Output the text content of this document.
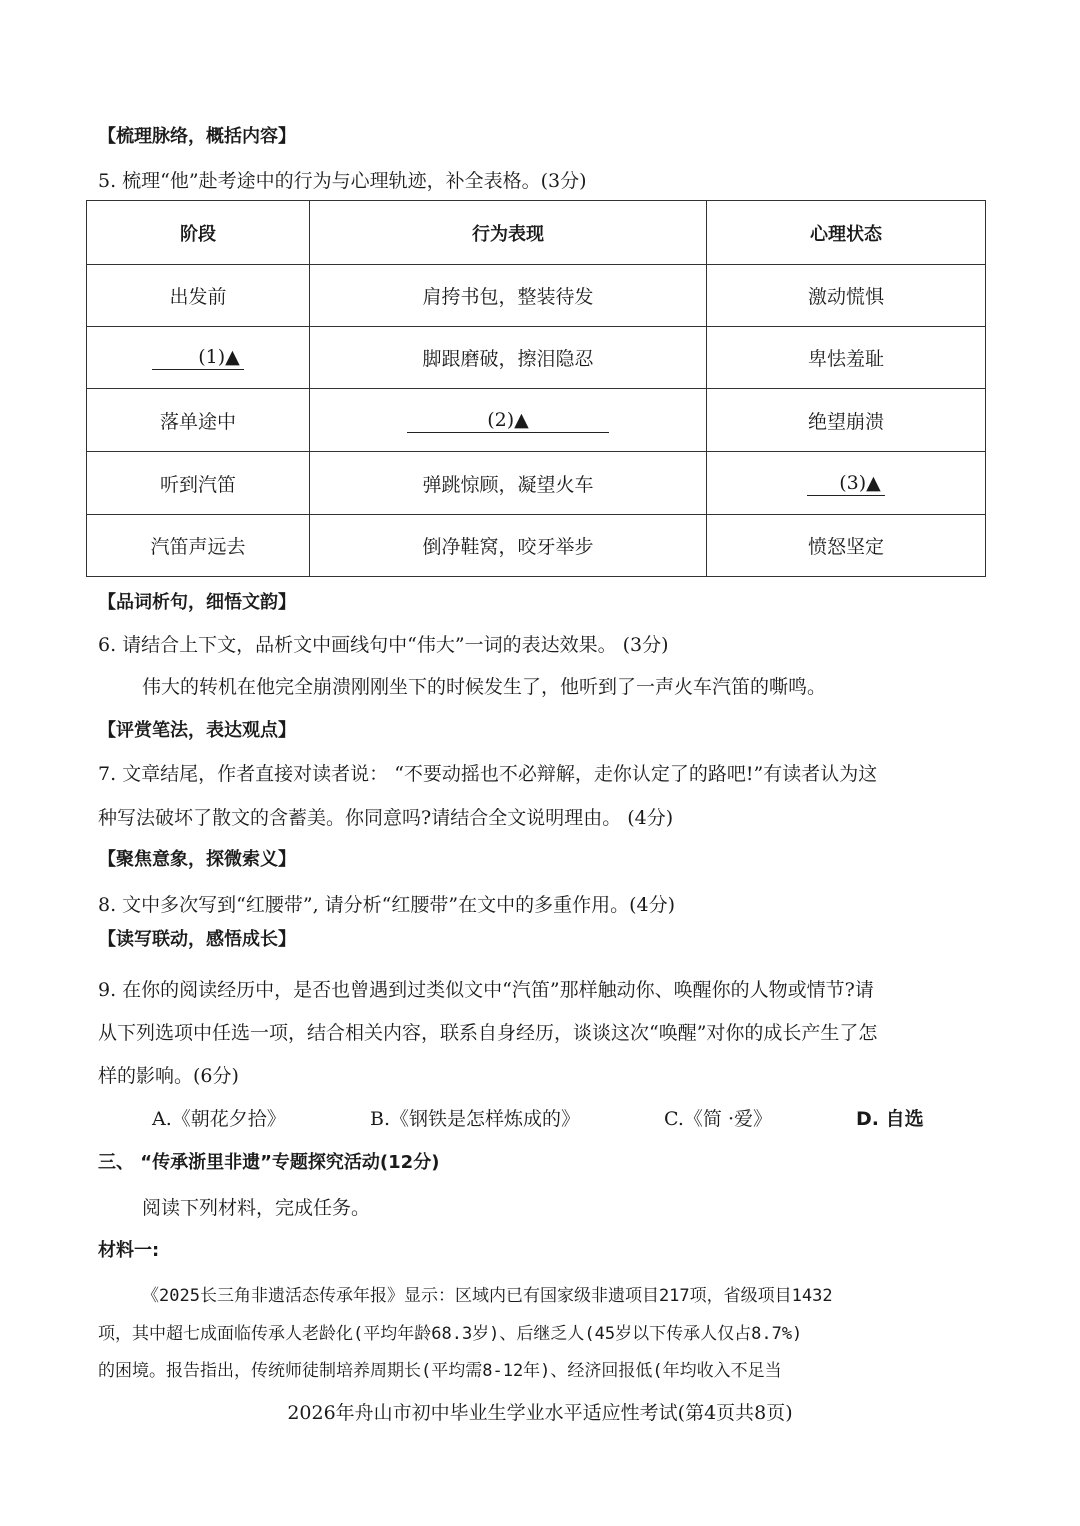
【梳理脉络，概括内容】
5. 梳理“他”赴考途中的行为与心理轨迹，补全表格。(3分)
阶段	行为表现	心理状态
出发前	肩挎书包，整装待发	激动慌惧
(1)▲	脚跟磨破，擦泪隐忍	卑怯羞耻
落单途中	(2)▲	绝望崩溃
听到汽笛	弹跳惊顾，凝望火车	(3)▲
汽笛声远去	倒净鞋窝，咬牙举步	愤怒坚定
【品词析句，细悟文韵】
6. 请结合上下文，品析文中画线句中“伟大”一词的表达效果。 (3分)
伟大的转机在他完全崩溃刚刚坐下的时候发生了，他听到了一声火车汽笛的嘶鸣。
【评赏笔法，表达观点】
7. 文章结尾，作者直接对读者说： “不要动摇也不必辩解，走你认定了的路吧!”有读者认为这
种写法破坏了散文的含蓄美。你同意吗?请结合全文说明理由。 (4分)
【聚焦意象，探微索义】
8. 文中多次写到“红腰带”, 请分析“红腰带”在文中的多重作用。(4分)
【读写联动，感悟成长】
9. 在你的阅读经历中，是否也曾遇到过类似文中“汽笛”那样触动你、唤醒你的人物或情节?请
从下列选项中任选一项，结合相关内容，联系自身经历，谈谈这次“唤醒”对你的成长产生了怎
样的影响。(6分)
A.《朝花夕拾》	B.《钢铁是怎样炼成的》	C.《简 ·爱》	D. 自选
三、 “传承浙里非遗”专题探究活动(12分)
阅读下列材料，完成任务。
材料一:
《2025长三角非遗活态传承年报》显示：区域内已有国家级非遗项目217项，省级项目1432
项，其中超七成面临传承人老龄化(平均年龄68.3岁)、后继乏人(45岁以下传承人仅占8.7%)
的困境。报告指出，传统师徒制培养周期长(平均需8-12年)、经济回报低(年均收入不足当
2026年舟山市初中毕业生学业水平适应性考试(第4页共8页)
